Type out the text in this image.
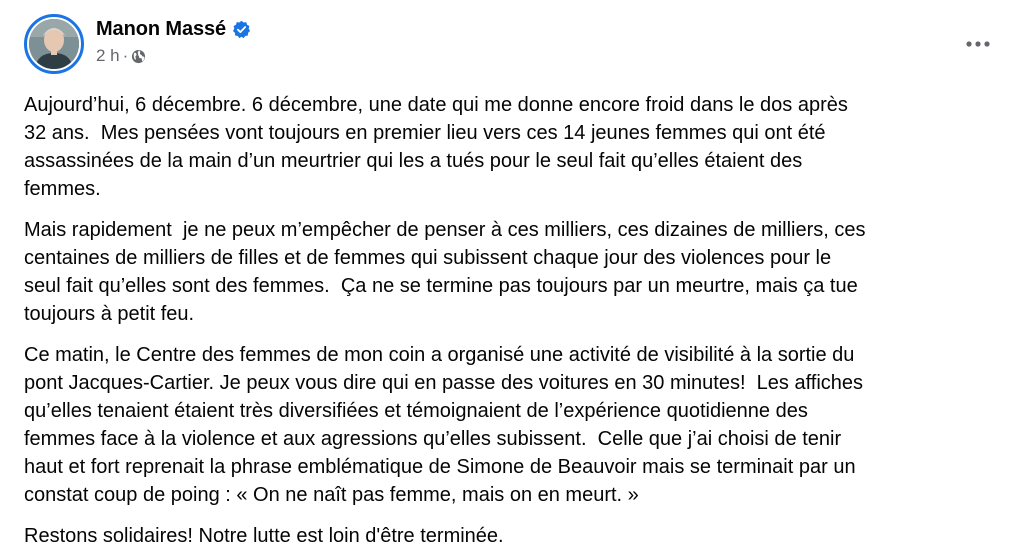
Manon Massé
2 h ·

Aujourd’hui, 6 décembre. 6 décembre, une date qui me donne encore froid dans le dos après
32 ans.  Mes pensées vont toujours en premier lieu vers ces 14 jeunes femmes qui ont été
assassinées de la main d’un meurtrier qui les a tués pour le seul fait qu’elles étaient des
femmes.

Mais rapidement  je ne peux m’empêcher de penser à ces milliers, ces dizaines de milliers, ces
centaines de milliers de filles et de femmes qui subissent chaque jour des violences pour le
seul fait qu’elles sont des femmes.  Ça ne se termine pas toujours par un meurtre, mais ça tue
toujours à petit feu.

Ce matin, le Centre des femmes de mon coin a organisé une activité de visibilité à la sortie du
pont Jacques-Cartier. Je peux vous dire qui en passe des voitures en 30 minutes!  Les affiches
qu’elles tenaient étaient très diversifiées et témoignaient de l’expérience quotidienne des
femmes face à la violence et aux agressions qu’elles subissent.  Celle que j’ai choisi de tenir
haut et fort reprenait la phrase emblématique de Simone de Beauvoir mais se terminait par un
constat coup de poing : « On ne naît pas femme, mais on en meurt. »

Restons solidaires! Notre lutte est loin d'être terminée.
